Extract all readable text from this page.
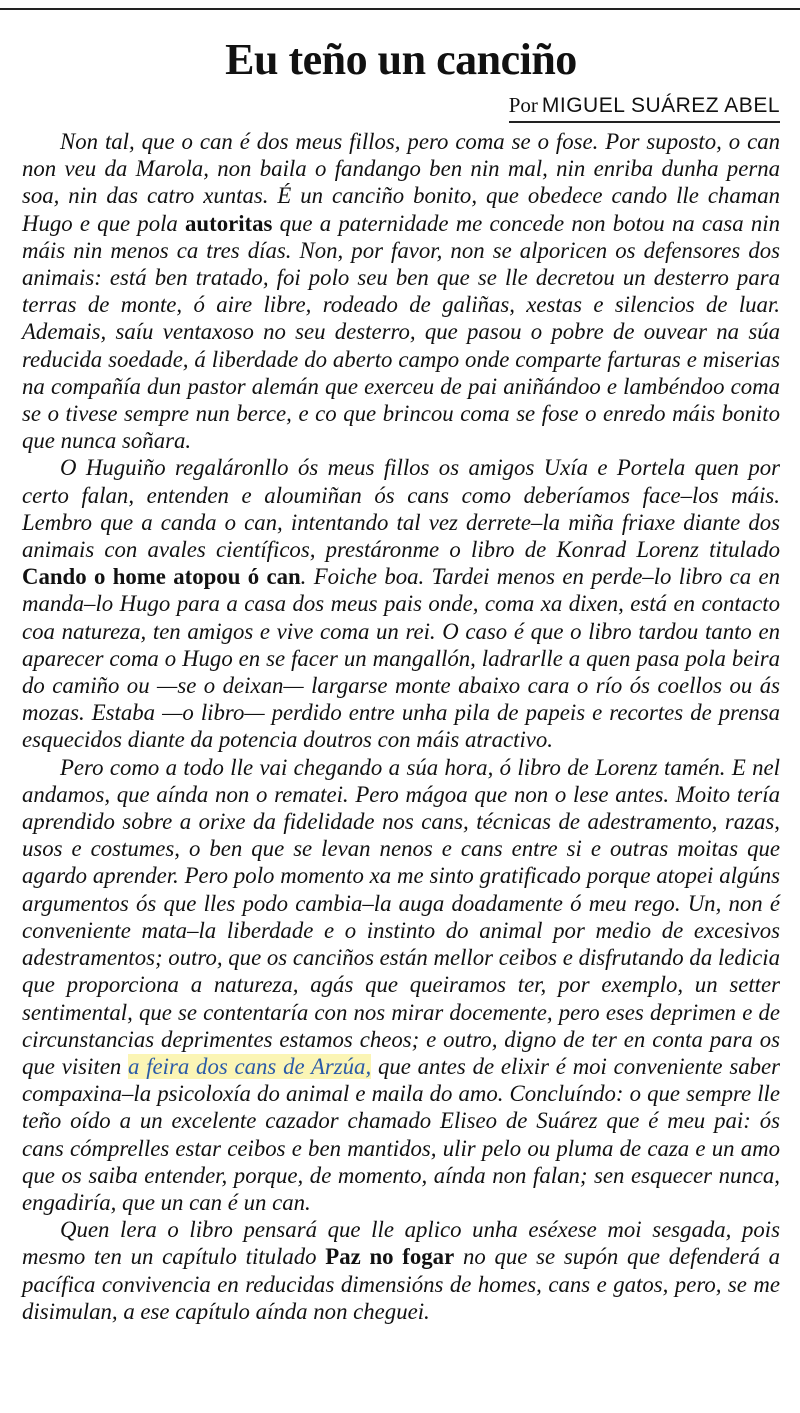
Eu teño un canciño
Por MIGUEL SUÁREZ ABEL

Non tal, que o can é dos meus fillos, pero coma se o fose. Por suposto, o can non veu da Marola, non baila o fandango ben nin mal, nin enriba dunha perna soa, nin das catro xuntas. É un canciño bonito, que obedece cando lle chaman Hugo e que pola autoritas que a paternidade me concede non botou na casa nin máis nin menos ca tres días. Non, por favor, non se alporicen os defensores dos animais: está ben tratado, foi polo seu ben que se lle decretou un desterro para terras de monte, ó aire libre, rodeado de galiñas, xestas e silencios de luar. Ademais, saíu ventaxoso no seu desterro, que pasou o pobre de ouvear na súa reducida soedade, á liberdade do aberto campo onde comparte farturas e miserias na compañía dun pastor alemán que exerceu de pai aniñándoo e lambéndoo coma se o tivese sempre nun berce, e co que brincou coma se fose o enredo máis bonito que nunca soñara.

O Huguiño regaláronllo ós meus fillos os amigos Uxía e Portela quen por certo falan, entenden e aloumiñan ós cans como deberíamos face–los máis. Lembro que a canda o can, intentando tal vez derrete–la miña friaxe diante dos animais con avales científicos, prestáronme o libro de Konrad Lorenz titulado Cando o home atopou ó can. Foiche boa. Tardei menos en perde–lo libro ca en manda–lo Hugo para a casa dos meus pais onde, coma xa dixen, está en contacto coa natureza, ten amigos e vive coma un rei. O caso é que o libro tardou tanto en aparecer coma o Hugo en se facer un mangallón, ladrarlle a quen pasa pola beira do camiño ou —se o deixan— largarse monte abaixo cara o río ós coellos ou ás mozas. Estaba —o libro— perdido entre unha pila de papeis e recortes de prensa esquecidos diante da potencia doutros con máis atractivo.

Pero como a todo lle vai chegando a súa hora, ó libro de Lorenz tamén. E nel andamos, que aínda non o rematei. Pero mágoa que non o lese antes. Moito tería aprendido sobre a orixe da fidelidade nos cans, técnicas de adestramento, razas, usos e costumes, o ben que se levan nenos e cans entre si e outras moitas que agardo aprender. Pero polo momento xa me sinto gratificado porque atopei algúns argumentos ós que lles podo cambia–la auga doadamente ó meu rego. Un, non é conveniente mata–la liberdade e o instinto do animal por medio de excesivos adestramentos; outro, que os canciños están mellor ceibos e disfrutando da ledicia que proporciona a natureza, agás que queiramos ter, por exemplo, un setter sentimental, que se contentaría con nos mirar docemente, pero eses deprimen e de circunstancias deprimentes estamos cheos; e outro, digno de ter en conta para os que visiten a feira dos cans de Arzúa, que antes de elixir é moi conveniente saber compaxina–la psicoloxía do animal e maila do amo. Concluíndo: o que sempre lle teño oído a un excelente cazador chamado Eliseo de Suárez que é meu pai: ós cans cómprelles estar ceibos e ben mantidos, ulir pelo ou pluma de caza e un amo que os saiba entender, porque, de momento, aínda non falan; sen esquecer nunca, engadiría, que un can é un can.

Quen lera o libro pensará que lle aplico unha eséxese moi sesgada, pois mesmo ten un capítulo titulado Paz no fogar no que se supón que defenderá a pacífica convivencia en reducidas dimensións de homes, cans e gatos, pero, se me disimulan, a ese capítulo aínda non cheguei.
